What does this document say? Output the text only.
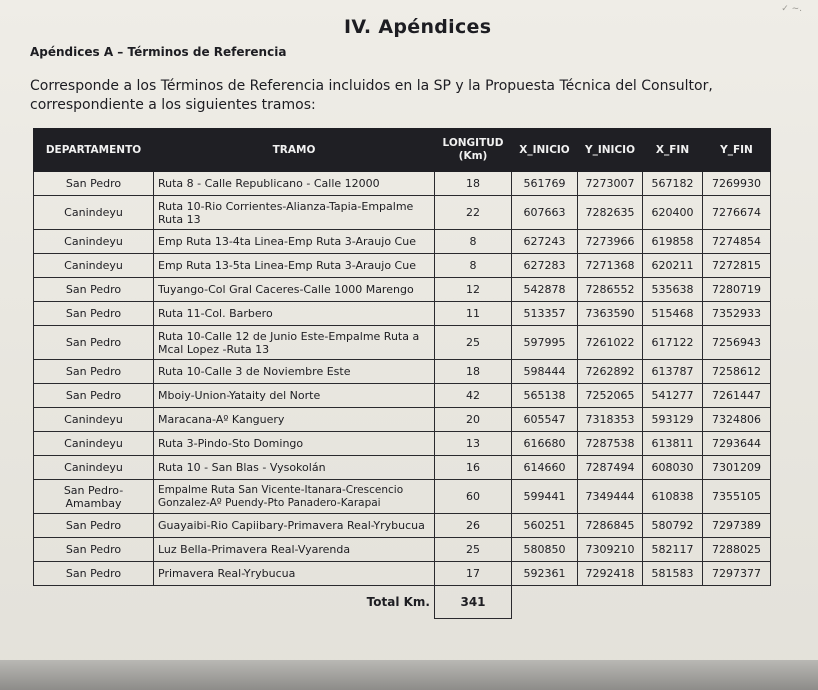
✓ ~.
IV. Apéndices
Apéndices A – Términos de Referencia
Corresponde a los Términos de Referencia incluidos en la SP y la Propuesta Técnica del Consultor, correspondiente a los siguientes tramos:
DEPARTAMENTO	TRAMO	LONGITUD (Km)	X_INICIO	Y_INICIO	X_FIN	Y_FIN
San Pedro	Ruta 8 - Calle Republicano - Calle 12000	18	561769	7273007	567182	7269930
Canindeyu	Ruta 10-Rio Corrientes-Alianza-Tapia-Empalme Ruta 13	22	607663	7282635	620400	7276674
Canindeyu	Emp Ruta 13-4ta Linea-Emp Ruta 3-Araujo Cue	8	627243	7273966	619858	7274854
Canindeyu	Emp Ruta 13-5ta Linea-Emp Ruta 3-Araujo Cue	8	627283	7271368	620211	7272815
San Pedro	Tuyango-Col Gral Caceres-Calle 1000 Marengo	12	542878	7286552	535638	7280719
San Pedro	Ruta 11-Col. Barbero	11	513357	7363590	515468	7352933
San Pedro	Ruta 10-Calle 12 de Junio Este-Empalme Ruta a Mcal Lopez -Ruta 13	25	597995	7261022	617122	7256943
San Pedro	Ruta 10-Calle 3 de Noviembre Este	18	598444	7262892	613787	7258612
San Pedro	Mboiy-Union-Yataity del Norte	42	565138	7252065	541277	7261447
Canindeyu	Maracana-Aº Kanguery	20	605547	7318353	593129	7324806
Canindeyu	Ruta 3-Pindo-Sto Domingo	13	616680	7287538	613811	7293644
Canindeyu	Ruta 10 - San Blas - Vysokolán	16	614660	7287494	608030	7301209
San Pedro-Amambay	Empalme Ruta San Vicente-Itanara-Crescencio Gonzalez-Aº Puendy-Pto Panadero-Karapai	60	599441	7349444	610838	7355105
San Pedro	Guayaibi-Rio Capiibary-Primavera Real-Yrybucua	26	560251	7286845	580792	7297389
San Pedro	Luz Bella-Primavera Real-Vyarenda	25	580850	7309210	582117	7288025
San Pedro	Primavera Real-Yrybucua	17	592361	7292418	581583	7297377
	Total Km.	341				
